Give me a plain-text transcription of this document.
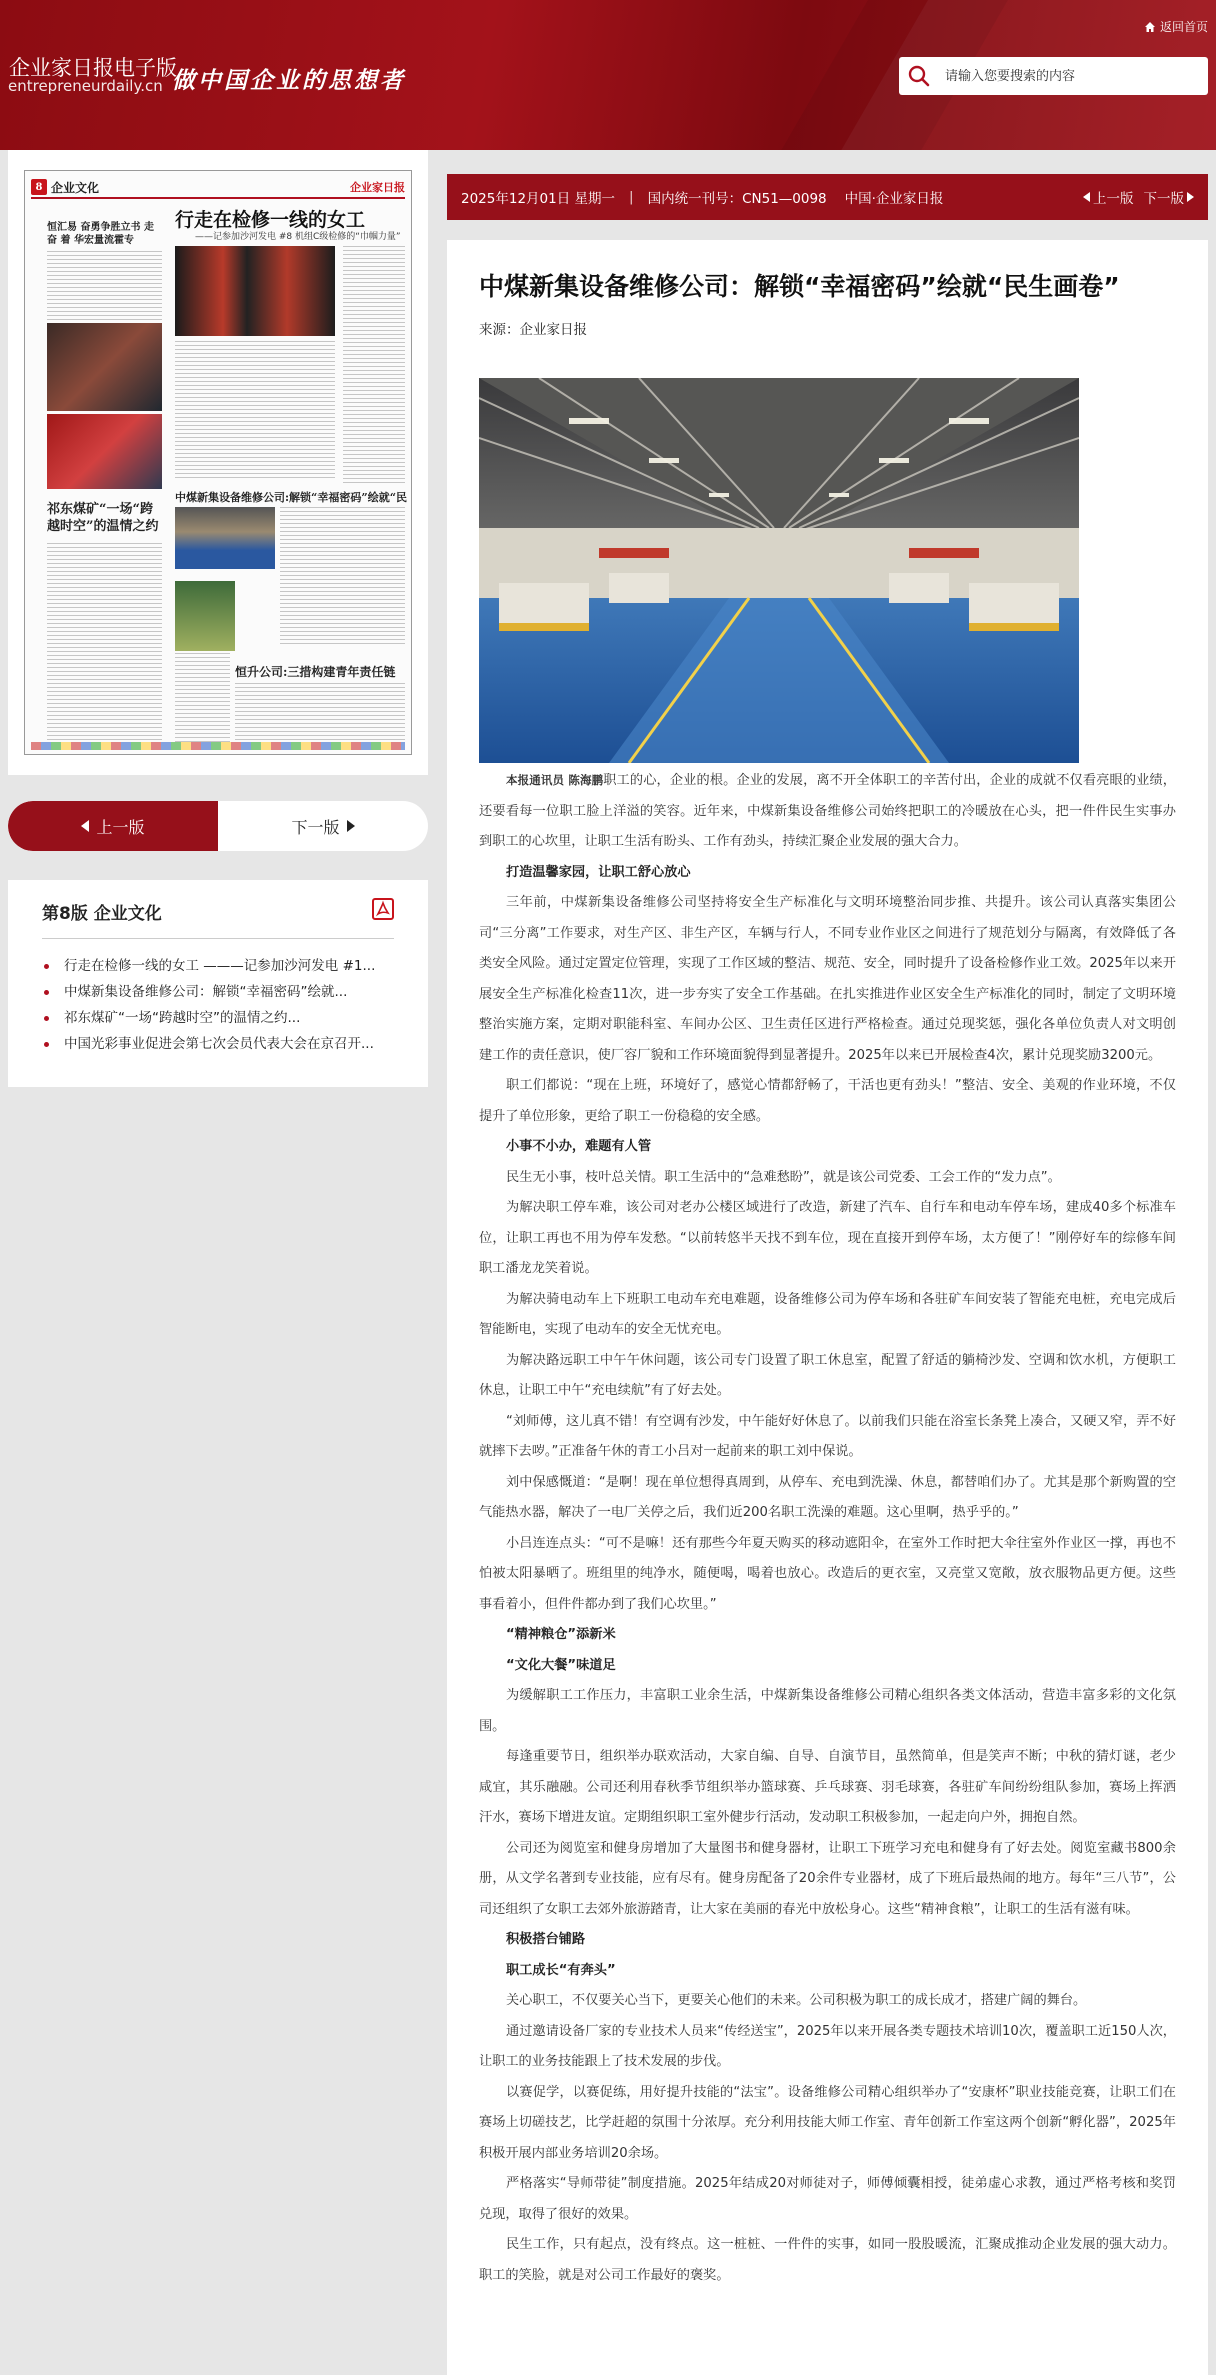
企业家日报电子版
entrepreneurdaily.cn 做中国企业的思想者
返回首页
请输入您要搜索的内容
8 企业文化	企业家日报
行走在检修一线的女工
——记参加沙河发电 #8 机组C级检修的“巾帼力量”
恒汇易 奋勇争胜立书 走 奋 着 华宏量流霍专
中煤新集设备维修公司:解锁“幸福密码”绘就“民
祁东煤矿“一场“跨越时空”的温情之约
恒升公司:三措构建青年责任链
上一版	下一版
第8版 企业文化
行走在检修一线的女工 ———记参加沙河发电 #1...
中煤新集设备维修公司：解锁“幸福密码”绘就...
祁东煤矿“一场“跨越时空”的温情之约...
中国光彩事业促进会第七次会员代表大会在京召开...
2025年12月01日 星期一 | 国内统一刊号：CN51—0098 中国·企业家日报	上一版 下一版
中煤新集设备维修公司：解锁“幸福密码”绘就“民生画卷”
来源：企业家日报

本报通讯员 陈海鹏职工的心，企业的根。企业的发展，离不开全体职工的辛苦付出，企业的成就不仅看亮眼的业绩，还要看每一位职工脸上洋溢的笑容。近年来，中煤新集设备维修公司始终把职工的冷暖放在心头，把一件件民生实事办到职工的心坎里，让职工生活有盼头、工作有劲头，持续汇聚企业发展的强大合力。

打造温馨家园，让职工舒心放心

三年前，中煤新集设备维修公司坚持将安全生产标准化与文明环境整治同步推、共提升。该公司认真落实集团公司“三分离”工作要求，对生产区、非生产区，车辆与行人，不同专业作业区之间进行了规范划分与隔离，有效降低了各类安全风险。通过定置定位管理，实现了工作区域的整洁、规范、安全，同时提升了设备检修作业工效。2025年以来开展安全生产标准化检查11次，进一步夯实了安全工作基础。在扎实推进作业区安全生产标准化的同时，制定了文明环境整治实施方案，定期对职能科室、车间办公区、卫生责任区进行严格检查。通过兑现奖惩，强化各单位负责人对文明创建工作的责任意识，使厂容厂貌和工作环境面貌得到显著提升。2025年以来已开展检查4次，累计兑现奖励3200元。

职工们都说：“现在上班，环境好了，感觉心情都舒畅了，干活也更有劲头！”整洁、安全、美观的作业环境，不仅提升了单位形象，更给了职工一份稳稳的安全感。

小事不小办，难题有人管

民生无小事，枝叶总关情。职工生活中的“急难愁盼”，就是该公司党委、工会工作的“发力点”。

为解决职工停车难，该公司对老办公楼区域进行了改造，新建了汽车、自行车和电动车停车场，建成40多个标准车位，让职工再也不用为停车发愁。“以前转悠半天找不到车位，现在直接开到停车场，太方便了！”刚停好车的综修车间职工潘龙龙笑着说。

为解决骑电动车上下班职工电动车充电难题，设备维修公司为停车场和各驻矿车间安装了智能充电桩，充电完成后智能断电，实现了电动车的安全无忧充电。

为解决路远职工中午午休问题，该公司专门设置了职工休息室，配置了舒适的躺椅沙发、空调和饮水机，方便职工休息，让职工中午“充电续航”有了好去处。

“刘师傅，这儿真不错！有空调有沙发，中午能好好休息了。以前我们只能在浴室长条凳上凑合，又硬又窄，弄不好就摔下去哕。”正准备午休的青工小吕对一起前来的职工刘中保说。

刘中保感慨道：“是啊！现在单位想得真周到，从停车、充电到洗澡、休息，都替咱们办了。尤其是那个新购置的空气能热水器，解决了一电厂关停之后，我们近200名职工洗澡的难题。这心里啊，热乎乎的。”

小吕连连点头：“可不是嘛！还有那些今年夏天购买的移动遮阳伞，在室外工作时把大伞往室外作业区一撑，再也不怕被太阳暴晒了。班组里的纯净水，随便喝，喝着也放心。改造后的更衣室，又亮堂又宽敞，放衣服物品更方便。这些事看着小，但件件都办到了我们心坎里。”

“精神粮仓”添新米

“文化大餐”味道足

为缓解职工工作压力，丰富职工业余生活，中煤新集设备维修公司精心组织各类文体活动，营造丰富多彩的文化氛围。

每逢重要节日，组织举办联欢活动，大家自编、自导、自演节目，虽然简单，但是笑声不断；中秋的猜灯谜，老少咸宜，其乐融融。公司还利用春秋季节组织举办篮球赛、乒乓球赛、羽毛球赛，各驻矿车间纷纷组队参加，赛场上挥洒汗水，赛场下增进友谊。定期组织职工室外健步行活动，发动职工积极参加，一起走向户外，拥抱自然。

公司还为阅览室和健身房增加了大量图书和健身器材，让职工下班学习充电和健身有了好去处。阅览室藏书800余册，从文学名著到专业技能，应有尽有。健身房配备了20余件专业器材，成了下班后最热闹的地方。每年“三八节”，公司还组织了女职工去郊外旅游踏青，让大家在美丽的春光中放松身心。这些“精神食粮”，让职工的生活有滋有味。

积极搭台铺路

职工成长“有奔头”

关心职工，不仅要关心当下，更要关心他们的未来。公司积极为职工的成长成才，搭建广阔的舞台。

通过邀请设备厂家的专业技术人员来“传经送宝”，2025年以来开展各类专题技术培训10次，覆盖职工近150人次，让职工的业务技能跟上了技术发展的步伐。

以赛促学，以赛促练，用好提升技能的“法宝”。设备维修公司精心组织举办了“安康杯”职业技能竞赛，让职工们在赛场上切磋技艺，比学赶超的氛围十分浓厚。充分利用技能大师工作室、青年创新工作室这两个创新“孵化器”，2025年积极开展内部业务培训20余场。

严格落实“导师带徒”制度措施。2025年结成20对师徒对子，师傅倾囊相授，徒弟虚心求教，通过严格考核和奖罚兑现，取得了很好的效果。

民生工作，只有起点，没有终点。这一桩桩、一件件的实事，如同一股股暖流，汇聚成推动企业发展的强大动力。职工的笑脸，就是对公司工作最好的褒奖。
